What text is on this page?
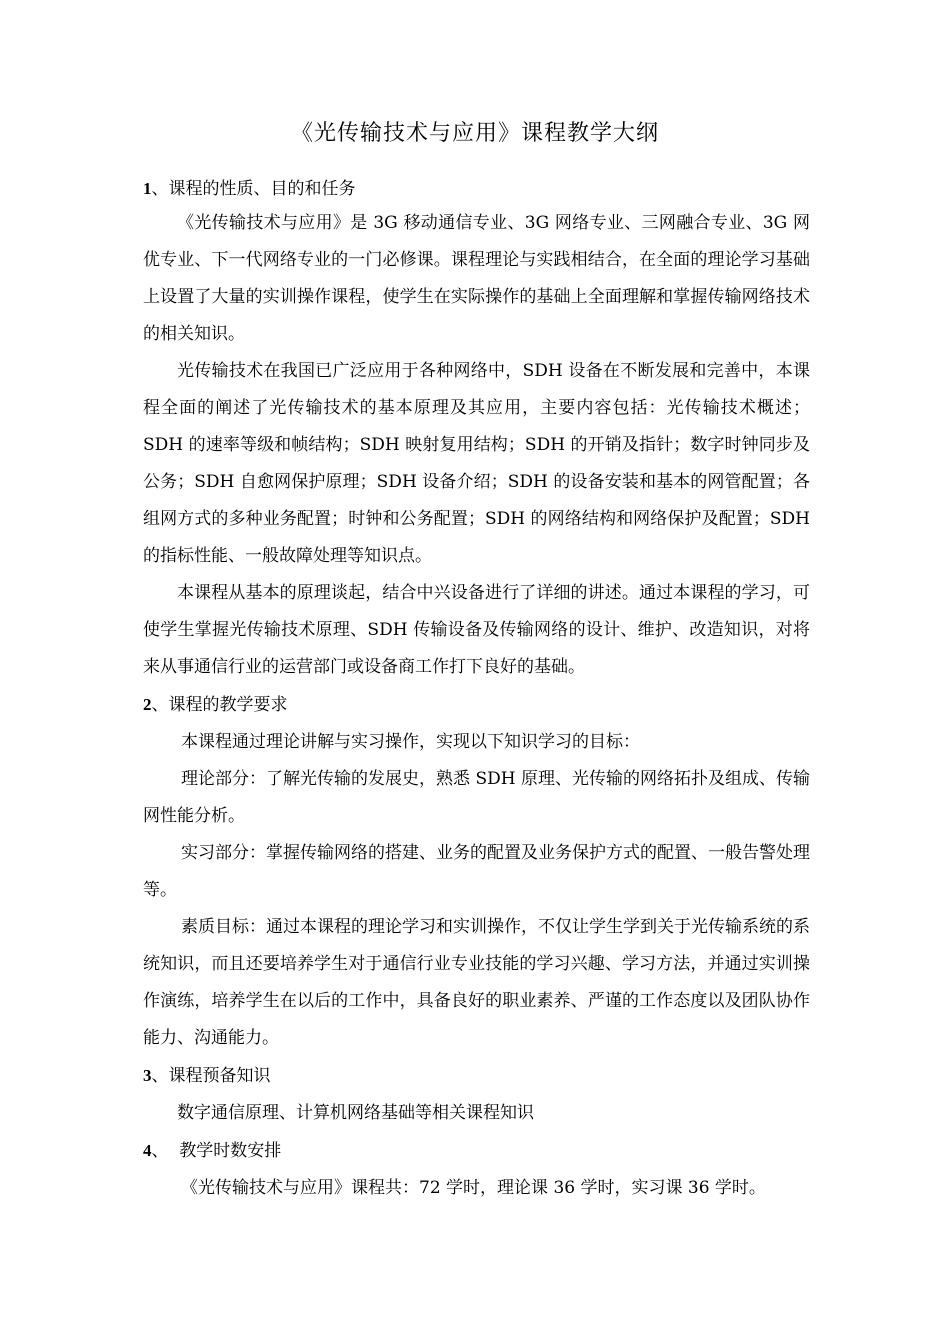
《光传输技术与应用》课程教学大纲
1、课程的性质、目的和任务

《光传输技术与应用》是 3G 移动通信专业、3G 网络专业、三网融合专业、3G 网优专业、下一代网络专业的一门必修课。课程理论与实践相结合，在全面的理论学习基础上设置了大量的实训操作课程，使学生在实际操作的基础上全面理解和掌握传输网络技术的相关知识。

光传输技术在我国已广泛应用于各种网络中，SDH 设备在不断发展和完善中，本课程全面的阐述了光传输技术的基本原理及其应用，主要内容包括：光传输技术概述；SDH 的速率等级和帧结构；SDH 映射复用结构；SDH 的开销及指针；数字时钟同步及公务；SDH 自愈网保护原理；SDH 设备介绍；SDH 的设备安装和基本的网管配置；各组网方式的多种业务配置；时钟和公务配置；SDH 的网络结构和网络保护及配置；SDH 的指标性能、一般故障处理等知识点。

本课程从基本的原理谈起，结合中兴设备进行了详细的讲述。通过本课程的学习，可使学生掌握光传输技术原理、SDH 传输设备及传输网络的设计、维护、改造知识，对将来从事通信行业的运营部门或设备商工作打下良好的基础。

2、课程的教学要求

本课程通过理论讲解与实习操作，实现以下知识学习的目标：

理论部分：了解光传输的发展史，熟悉 SDH 原理、光传输的网络拓扑及组成、传输网性能分析。

实习部分：掌握传输网络的搭建、业务的配置及业务保护方式的配置、一般告警处理等。

素质目标：通过本课程的理论学习和实训操作，不仅让学生学到关于光传输系统的系统知识，而且还要培养学生对于通信行业专业技能的学习兴趣、学习方法，并通过实训操作演练，培养学生在以后的工作中，具备良好的职业素养、严谨的工作态度以及团队协作能力、沟通能力。

3、课程预备知识

数字通信原理、计算机网络基础等相关课程知识

4、  教学时数安排

《光传输技术与应用》课程共：72 学时，理论课 36 学时，实习课 36 学时。
